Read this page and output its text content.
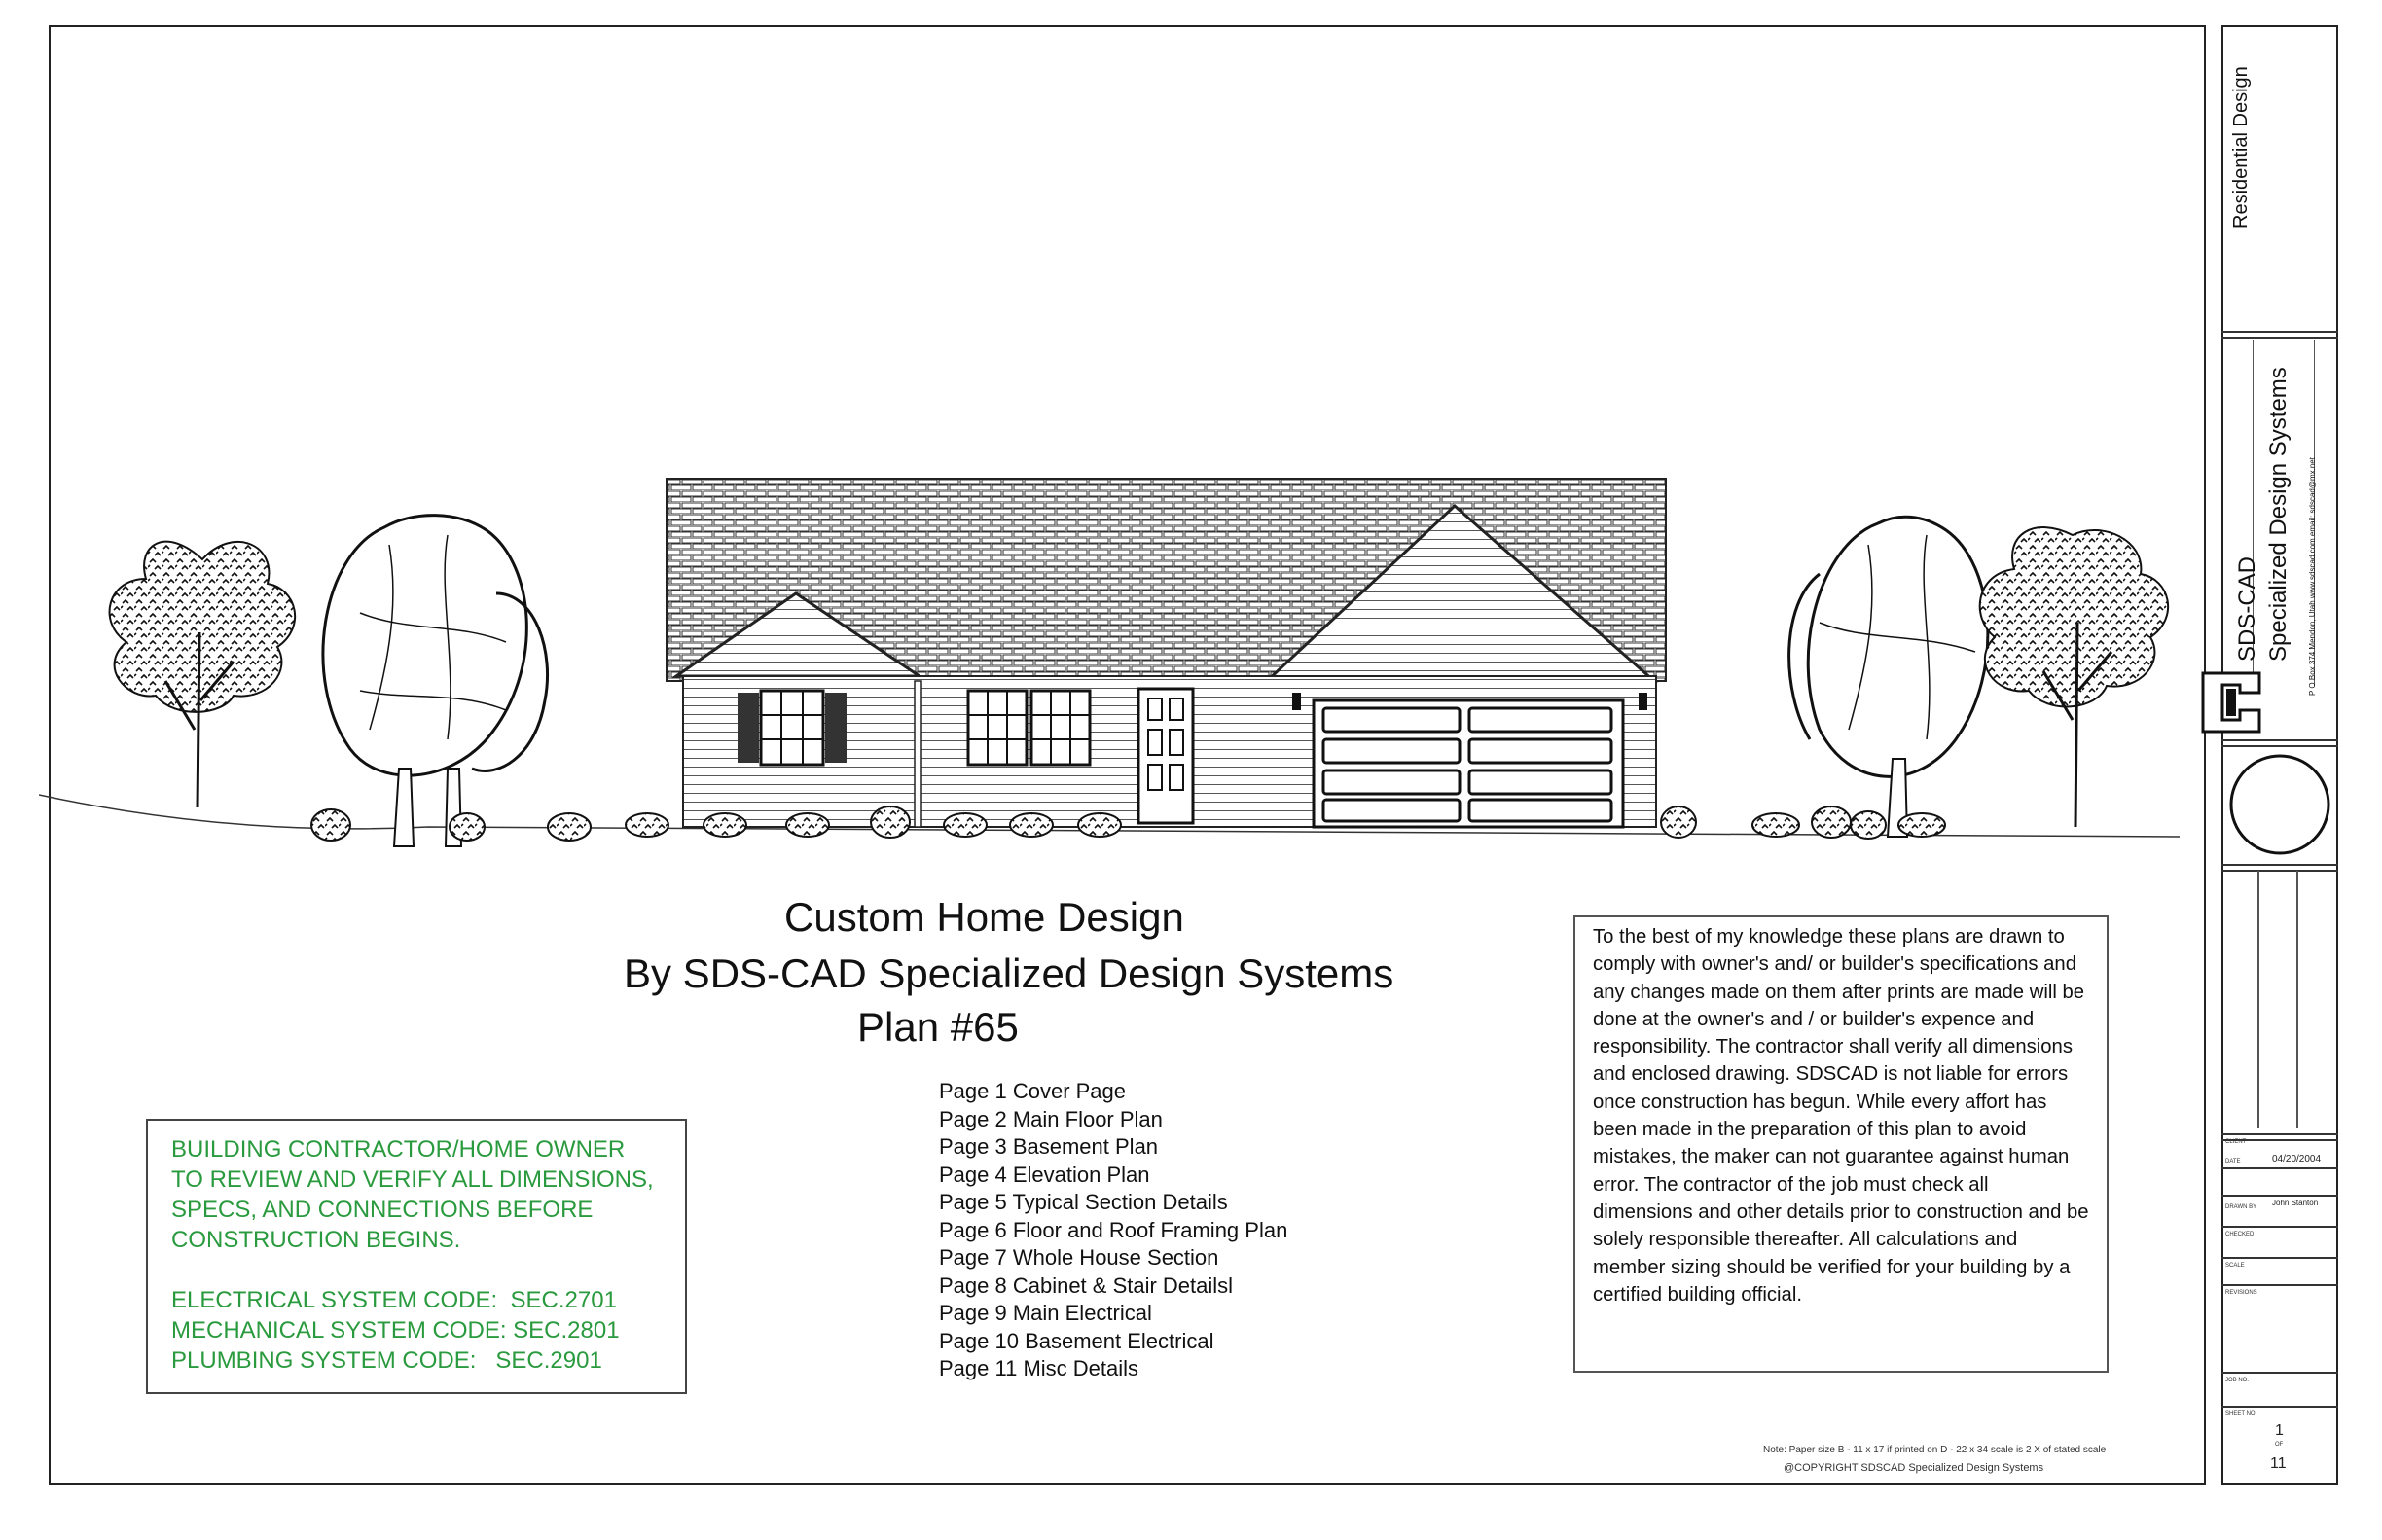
Custom Home Design
By SDS-CAD Specialized Design Systems
Plan #65
Page 1 Cover Page
Page 2 Main Floor Plan
Page 3 Basement Plan
Page 4 Elevation Plan
Page 5 Typical Section Details
Page 6 Floor and Roof Framing Plan
Page 7 Whole House Section
Page 8 Cabinet & Stair Detailsl
Page 9 Main Electrical
Page 10 Basement Electrical
Page 11 Misc Details
BUILDING CONTRACTOR/HOME OWNER
TO REVIEW AND VERIFY ALL DIMENSIONS,
SPECS, AND CONNECTIONS BEFORE
CONSTRUCTION BEGINS.
ELECTRICAL SYSTEM CODE:  SEC.2701
MECHANICAL SYSTEM CODE: SEC.2801
PLUMBING SYSTEM CODE:   SEC.2901
To the best of my knowledge these plans are drawn to comply with owner's and/ or builder's specifications and any changes made on them after prints are made will be done at the owner's and / or builder's expence and responsibility. The contractor shall verify all dimensions and enclosed drawing. SDSCAD is not liable for errors once construction has begun. While every affort has been made in the preparation of this plan to avoid mistakes, the maker can not guarantee against human error. The contractor of the job must check all dimensions and other details prior to construction and be solely responsible thereafter. All calculations and member sizing should be verified for your building by a certified building official.
Note: Paper size B - 11 x 17 if printed on D - 22 x 34 scale is 2 X of stated scale
@COPYRIGHT SDSCAD Specialized Design Systems
Residential Design
SDS-CAD Specialized Design Systems P O Box 374 Mendon, Utah www.sdscad.com email: sdscad@mx.net
CLIENT
DATE	04/20/2004
DRAWN BY John Stanton
CHECKED
SCALE
REVISIONS
JOB NO.
SHEET NO.
1
OF
11
